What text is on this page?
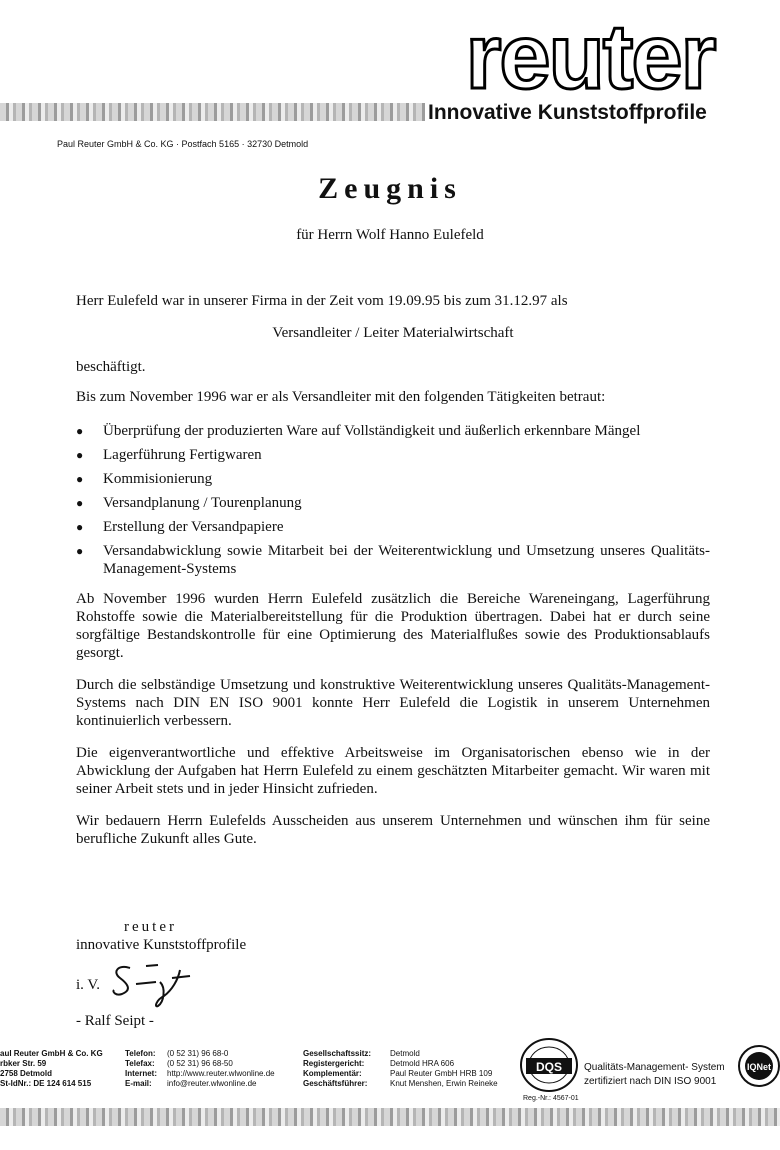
reuter
Innovative Kunststoffprofile
Paul Reuter GmbH & Co. KG · Postfach 5165 · 32730 Detmold
Zeugnis
für Herrn Wolf Hanno Eulefeld

Herr Eulefeld war in unserer Firma in der Zeit vom 19.09.95 bis zum 31.12.97 als

Versandleiter / Leiter Materialwirtschaft

beschäftigt.

Bis zum November 1996 war er als Versandleiter mit den folgenden Tätigkeiten betraut:

● Überprüfung der produzierten Ware auf Vollständigkeit und äußerlich erkennbare Mängel
● Lagerführung Fertigwaren
● Kommisionierung
● Versandplanung / Tourenplanung
● Erstellung der Versandpapiere
● Versandabwicklung sowie Mitarbeit bei der Weiterentwicklung und Umsetzung unseres Qualitäts-Management-Systems

Ab November 1996 wurden Herrn Eulefeld zusätzlich die Bereiche Wareneingang, Lagerführung Rohstoffe sowie die Materialbereitstellung für die Produktion übertragen. Dabei hat er durch seine sorgfältige Bestandskontrolle für eine Optimierung des Materialflußes sowie des Produktionsablaufs gesorgt.

Durch die selbständige Umsetzung und konstruktive Weiterentwicklung unseres Qualitäts-Management-Systems nach DIN EN ISO 9001 konnte Herr Eulefeld die Logistik in unserem Unternehmen kontinuierlich verbessern.

Die eigenverantwortliche und effektive Arbeitsweise im Organisatorischen ebenso wie in der Abwicklung der Aufgaben hat Herrn Eulefeld zu einem geschätzten Mitarbeiter gemacht. Wir waren mit seiner Arbeit stets und in jeder Hinsicht zufrieden.

Wir bedauern Herrn Eulefelds Ausscheiden aus unserem Unternehmen und wünschen ihm für seine berufliche Zukunft alles Gute.

reuter
innovative Kunststoffprofile
i. V.
- Ralf Seipt -
aul Reuter GmbH & Co. KG
rbker Str. 59
2758 Detmold
St-IdNr.: DE 124 614 515
Telefon:
Telefax:
Internet:
E-mail:
(0 52 31) 96 68-0
(0 52 31) 96 68-50
http://www.reuter.wlwonline.de
info@reuter.wlwonline.de
Gesellschaftssitz:
Registergericht:
Komplementär:
Geschäftsführer:
Detmold
Detmold HRA 606
Paul Reuter GmbH HRB 109
Knut Menshen, Erwin Reineke
DQS Qualitäts-Management- System
zertifiziert nach DIN ISO 9001
Reg.-Nr.: 4567-01
IQNet
